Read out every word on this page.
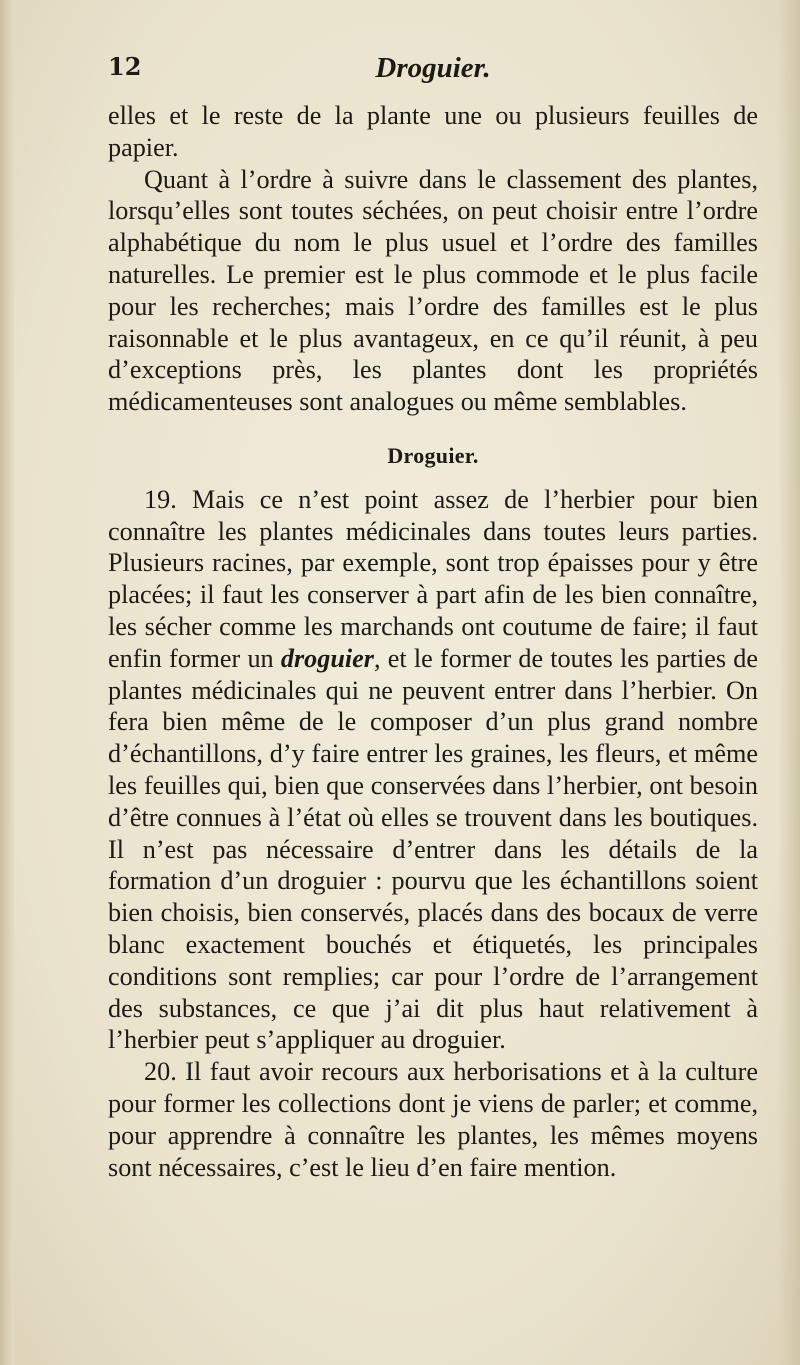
12	Droguier.

elles et le reste de la plante une ou plusieurs feuilles de papier.

Quant à l’ordre à suivre dans le classement des plantes, lorsqu’elles sont toutes séchées, on peut choisir entre l’ordre alphabétique du nom le plus usuel et l’ordre des familles naturelles. Le premier est le plus commode et le plus facile pour les recherches; mais l’ordre des familles est le plus raisonnable et le plus avantageux, en ce qu’il réunit, à peu d’exceptions près, les plantes dont les propriétés médicamenteuses sont analogues ou même semblables.

Droguier.

19. Mais ce n’est point assez de l’herbier pour bien connaître les plantes médicinales dans toutes leurs parties. Plusieurs racines, par exemple, sont trop épaisses pour y être placées; il faut les conserver à part afin de les bien connaître, les sécher comme les marchands ont coutume de faire; il faut enfin former un droguier, et le former de toutes les parties de plantes médicinales qui ne peuvent entrer dans l’herbier. On fera bien même de le composer d’un plus grand nombre d’échantillons, d’y faire entrer les graines, les fleurs, et même les feuilles qui, bien que conservées dans l’herbier, ont besoin d’être connues à l’état où elles se trouvent dans les boutiques. Il n’est pas nécessaire d’entrer dans les détails de la formation d’un droguier : pourvu que les échantillons soient bien choisis, bien conservés, placés dans des bocaux de verre blanc exactement bouchés et étiquetés, les principales conditions sont remplies; car pour l’ordre de l’arrangement des substances, ce que j’ai dit plus haut relativement à l’herbier peut s’appliquer au droguier.

20. Il faut avoir recours aux herborisations et à la culture pour former les collections dont je viens de parler; et comme, pour apprendre à connaître les plantes, les mêmes moyens sont nécessaires, c’est le lieu d’en faire mention.
